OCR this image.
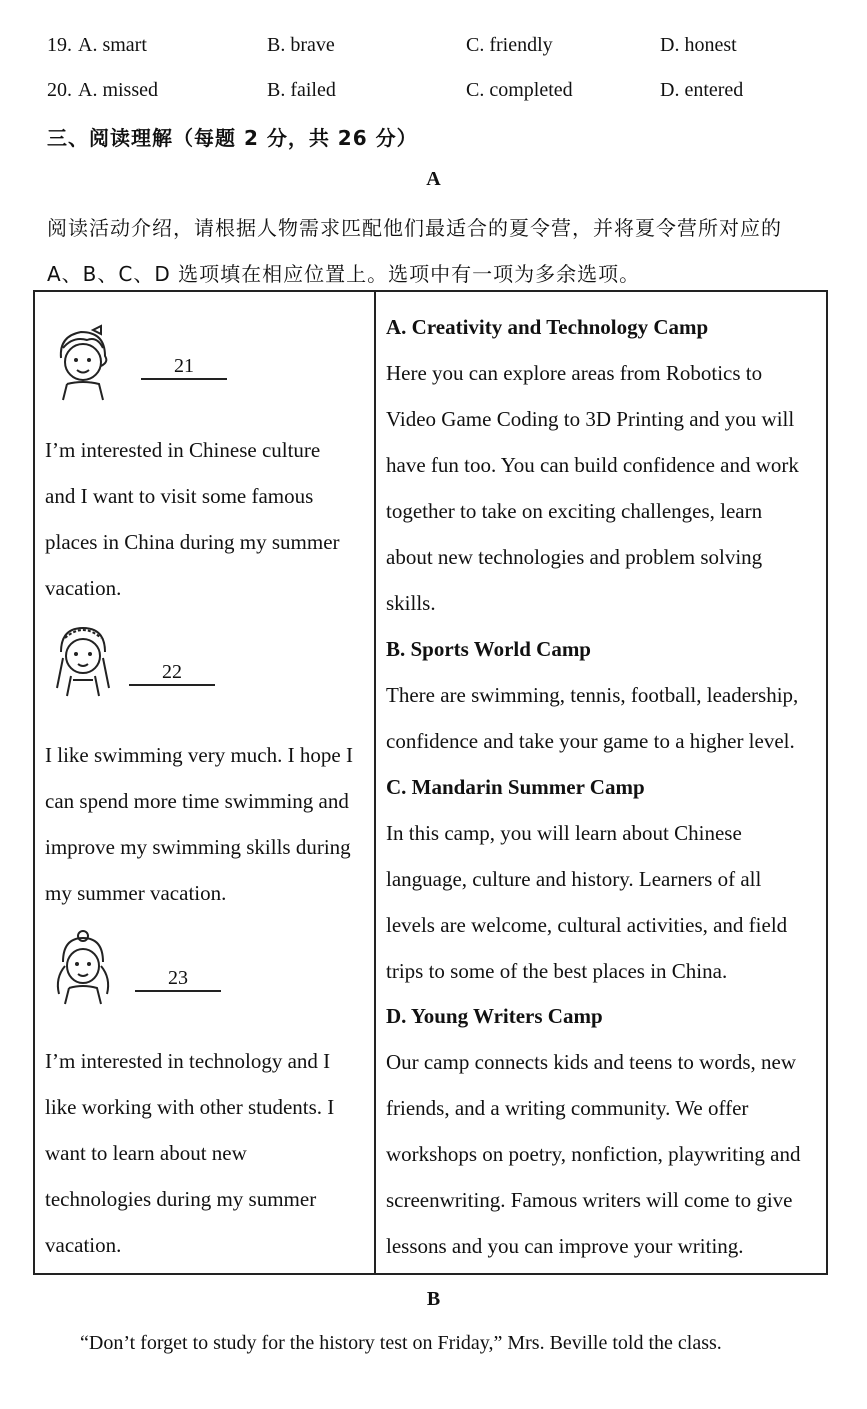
19. A. smart	B. brave	C. friendly	D. honest
20. A. missed	B. failed	C. completed	D. entered
三、阅读理解（每题 2 分，共 26 分）
A
阅读活动介绍，请根据人物需求匹配他们最适合的夏令营，并将夏令营所对应的
A、B、C、D 选项填在相应位置上。选项中有一项为多余选项。
21
I’m interested in Chinese culture
and I want to visit some famous
places in China during my summer
vacation.
22
I like swimming very much. I hope I
can spend more time swimming and
improve my swimming skills during
my summer vacation.
23
I’m interested in technology and I
like working with other students. I
want to learn about new
technologies during my summer
vacation.
A. Creativity and Technology Camp
Here you can explore areas from Robotics to
Video Game Coding to 3D Printing and you will
have fun too. You can build confidence and work
together to take on exciting challenges, learn
about new technologies and problem solving
skills.
B. Sports World Camp
There are swimming, tennis, football, leadership,
confidence and take your game to a higher level.
C. Mandarin Summer Camp
In this camp, you will learn about Chinese
language, culture and history. Learners of all
levels are welcome, cultural activities, and field
trips to some of the best places in China.
D. Young Writers Camp
Our camp connects kids and teens to words, new
friends, and a writing community. We offer
workshops on poetry, nonfiction, playwriting and
screenwriting. Famous writers will come to give
lessons and you can improve your writing.
B
“Don’t forget to study for the history test on Friday,” Mrs. Beville told the class.
